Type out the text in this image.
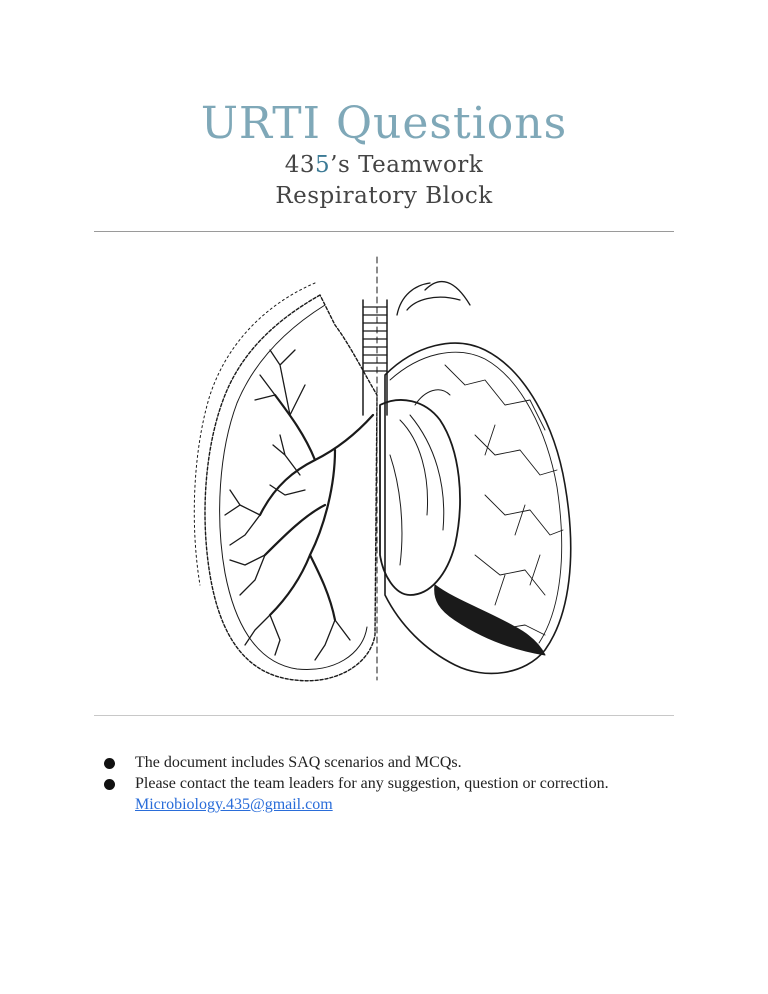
URTI Questions
435’s Teamwork
Respiratory Block
The document includes SAQ scenarios and MCQs.
Please contact the team leaders for any suggestion, question or correction.
Microbiology.435@gmail.com
